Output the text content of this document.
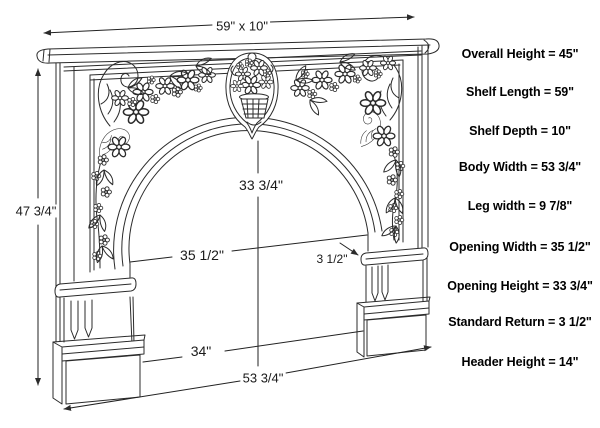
59" x 10"
47 3/4"
33 3/4"
35 1/2"	3 1/2"
34"
53 3/4"
Overall Height = 45"
Shelf Length = 59"
Shelf Depth = 10"
Body Width = 53 3/4"
Leg width = 9 7/8"
Opening Width = 35 1/2"
Opening Height = 33 3/4"
Standard Return = 3 1/2"
Header Height = 14"
